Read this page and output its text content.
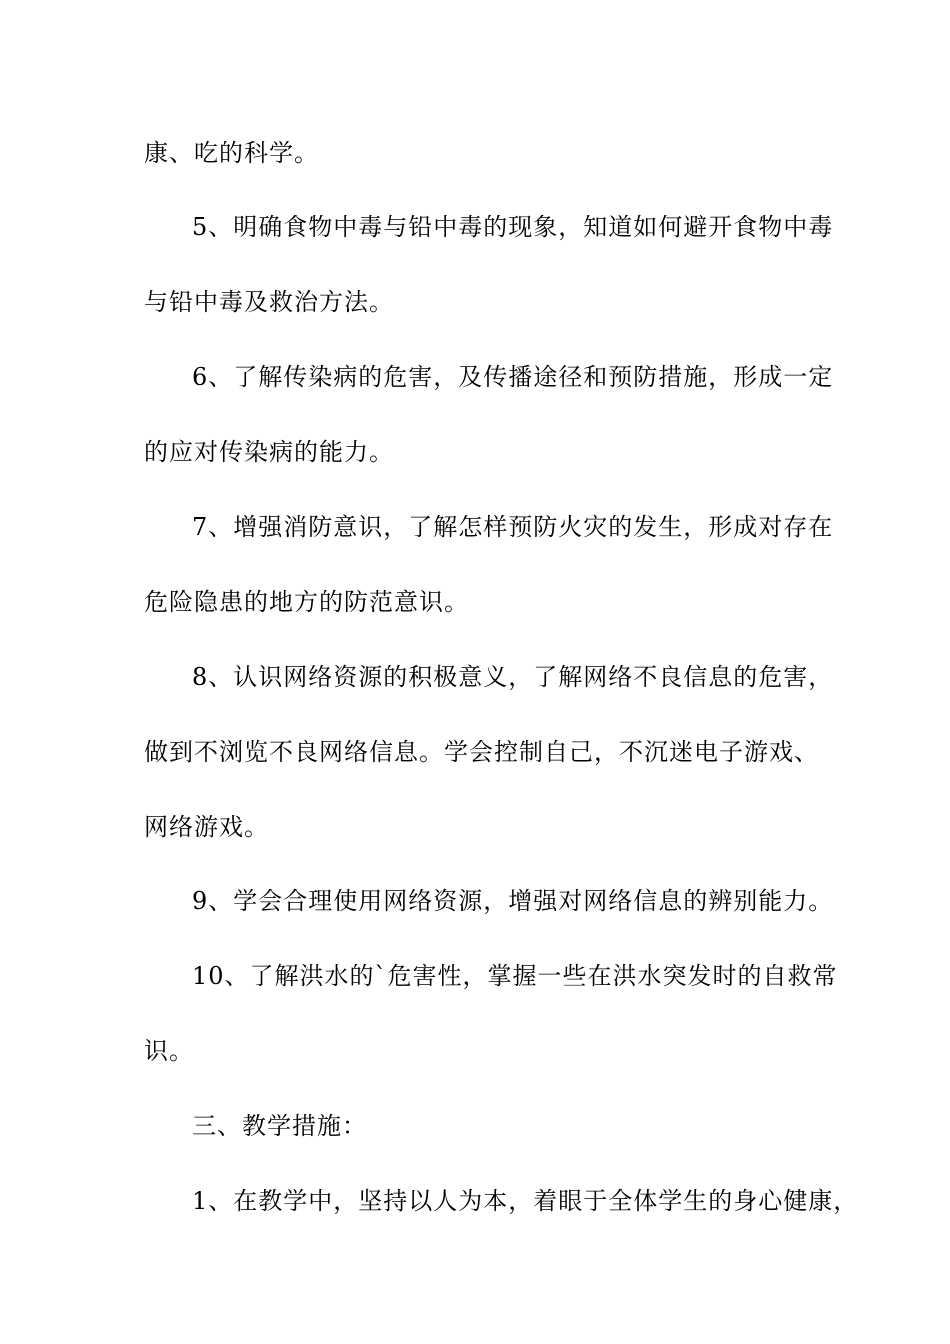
康、吃的科学。
5、明确食物中毒与铅中毒的现象，知道如何避开食物中毒
与铅中毒及救治方法。
6、了解传染病的危害，及传播途径和预防措施，形成一定
的应对传染病的能力。
7、增强消防意识，了解怎样预防火灾的发生，形成对存在
危险隐患的地方的防范意识。
8、认识网络资源的积极意义，了解网络不良信息的危害，
做到不浏览不良网络信息。学会控制自己，不沉迷电子游戏、
网络游戏。
9、学会合理使用网络资源，增强对网络信息的辨别能力。
10、了解洪水的`危害性，掌握一些在洪水突发时的自救常
识。
三、教学措施：
1、在教学中，坚持以人为本，着眼于全体学生的身心健康，
